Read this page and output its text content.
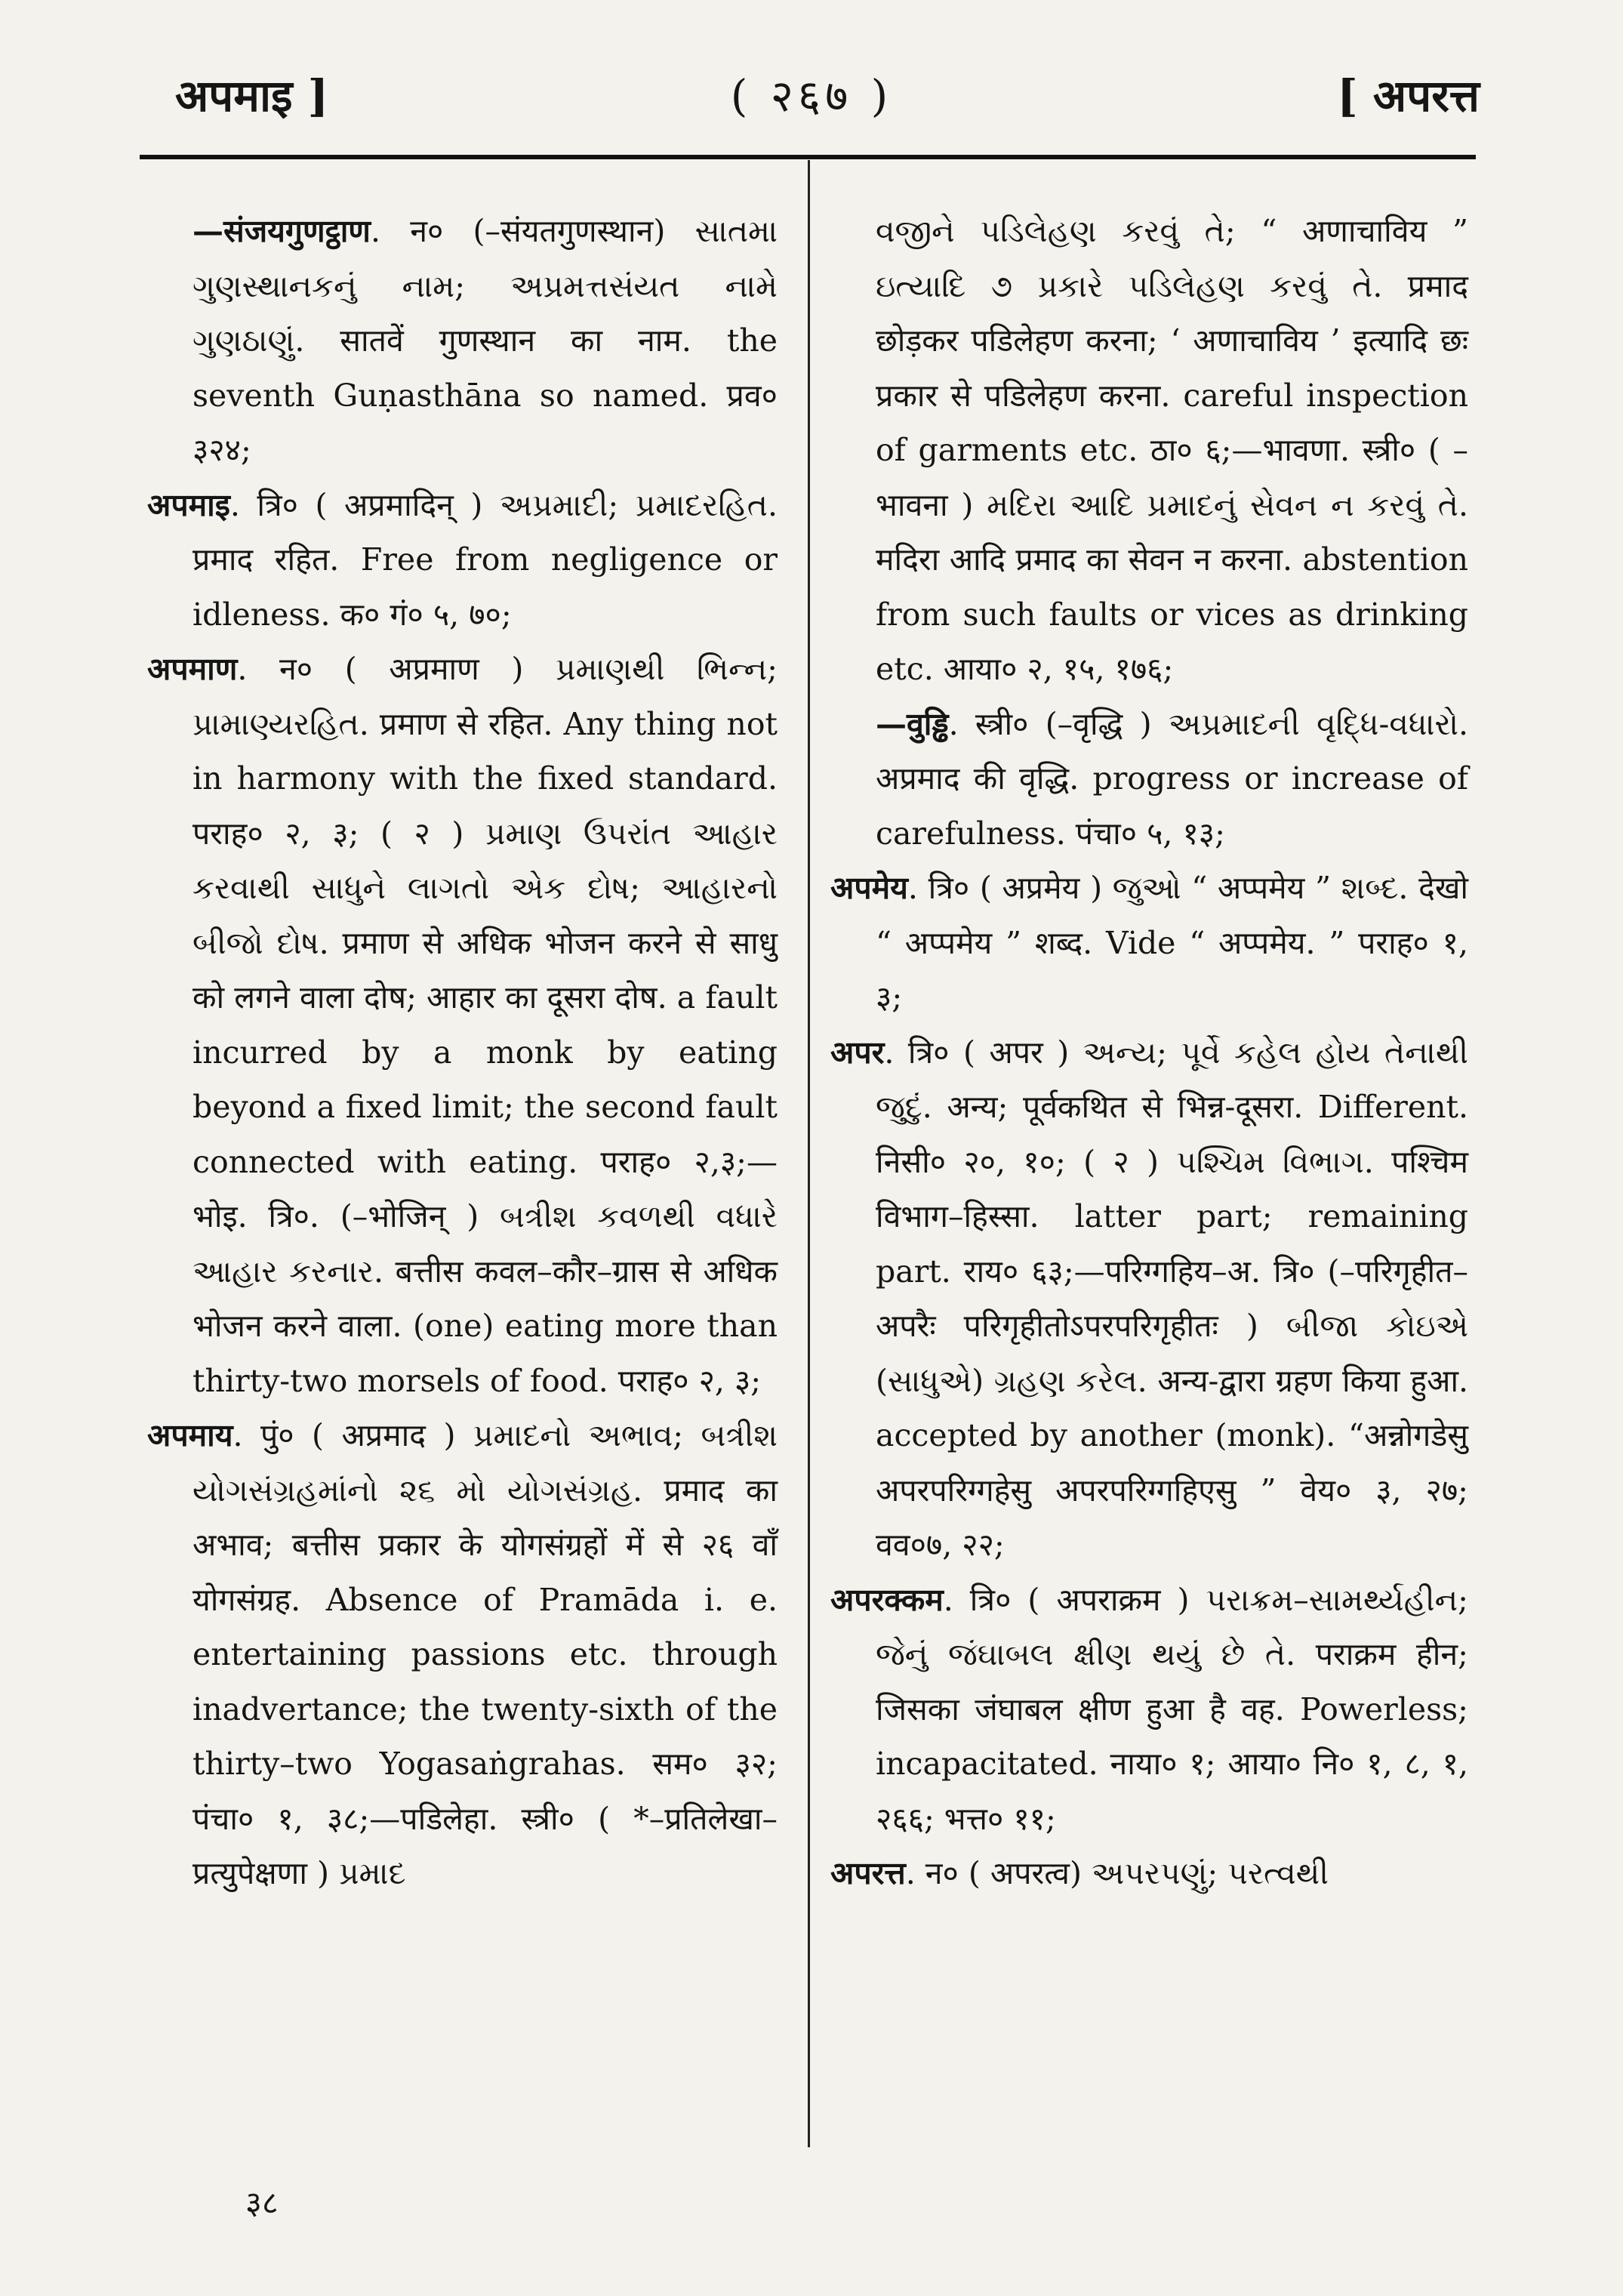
अपमाइ ]	( २६७ )	[ अपरत्त

—संजयगुणट्ठाण. न० (–संयतगुणस्थान) સાતમા ગુણસ્થાનકનું નામ; અપ્રમત્તસંયત નામે ગુણઠાણું. सातवें गुणस्थान का नाम. the seventh Guṇasthāna so named. प्रव० ३२४;

अपमाइ. त्रि० ( अप्रमादिन् ) અપ્રમાદી; પ્રમાદરહિત. प्रमाद रहित. Free from negligence or idleness. क० गं० ५, ७०;

अपमाण. न० ( अप्रमाण ) પ્રમાણથી ભિન્ન; પ્રામાણ્યરહિત. प्रमाण से रहित. Any thing not in harmony with the fixed standard. पराह० २, ३; ( २ ) પ્રમાણ ઉપરાંત આહાર કરવાથી સાધુને લાગતો એક દોષ; આહારનો બીજો દોષ. प्रमाण से अधिक भोजन करने से साधु को लगने वाला दोष; आहार का दूसरा दोष. a fault incurred by a monk by eating beyond a fixed limit; the second fault connected with eating. पराह० २,३;—भोइ. त्रि०. (–भोजिन् ) બત્રીશ કવળથી વધારે આહાર કરનાર. बत्तीस कवल–कौर–ग्रास से अधिक भोजन करने वाला. (one) eating more than thirty-two morsels of food. पराह० २, ३;

अपमाय. पुं० ( अप्रमाद ) પ્રમાદનો અભાવ; બત્રીશ યોગસંગ્રહમાંનો ૨૬ મો યોગસંગ્રહ. प्रमाद का अभाव; बत्तीस प्रकार के योगसंग्रहों में से २६ वाँ योगसंग्रह. Absence of Pramāda i. e. entertaining passions etc. through inadvertance; the twenty-sixth of the thirty–two Yogasaṅgrahas. सम० ३२; पंचा० १, ३८;—पडिलेहा. स्त्री० ( *–प्रतिलेखा–प्रत्युपेक्षणा ) પ્રમાદ

વજીને પડિલેહણ કરવું તે; “ अणाचाविय ” ઇત્યાદિ ૭ પ્રકારે પડિલેહણ કરવું તે. प्रमाद छोड़कर पडिलेहण करना; ‘ अणाचाविय ’ इत्यादि छः प्रकार से पडिलेहण करना. careful inspection of garments etc. ठा० ६;—भावणा. स्त्री० ( –भावना ) મદિરા આદિ પ્રમાદનું સેવન ન કરવું તે. मदिरा आदि प्रमाद का सेवन न करना. abstention from such faults or vices as drinking etc. आया० २, १५, १७६;

—वुड्ढि. स्त्री० (–वृद्धि ) અપ્રમાદની વૃદ્ધિ-વધારો. अप्रमाद की वृद्धि. progress or increase of carefulness. पंचा० ५, १३;

अपमेय. त्रि० ( अप्रमेय ) જુઓ “ अप्पमेय ” શબ્દ. देखो “ अप्पमेय ” शब्द. Vide “ अप्पमेय. ” पराह० १, ३;

अपर. त्रि० ( अपर ) અન્ય; પૂર્વે કહેલ હોય તેનાથી જુદું. अन्य; पूर्वकथित से भिन्न-दूसरा. Different. निसी० २०, १०; ( २ ) પશ્ચિમ વિભાગ. पश्चिम विभाग–हिस्सा. latter part; remaining part. राय० ६३;—परिग्गहिय–अ. त्रि० (–परिगृहीत–अपरैः परिगृहीतोऽपरपरिगृहीतः ) બીજા કોઇએ (સાધુએ) ગ્રહણ કરેલ. अन्य-द्वारा ग्रहण किया हुआ. accepted by another (monk). “अन्नोगडेसु अपरपरिग्गहेसु अपरपरिग्गहिएसु ” वेय० ३, २७; वव०७, २२;

अपरक्कम. त्रि० ( अपराक्रम ) પરાક્રમ–સામર્થ્યહીન; જેનું જંઘાબલ ક્ષીણ થયું છે તે. पराक्रम हीन; जिसका जंघाबल क्षीण हुआ है वह. Powerless; incapacitated. नाया० १; आया० नि० १, ८, १, २६६; भत्त० ११;

अपरत्त. न० ( अपरत्व) અપરપણું; પરત્વથી

३८
